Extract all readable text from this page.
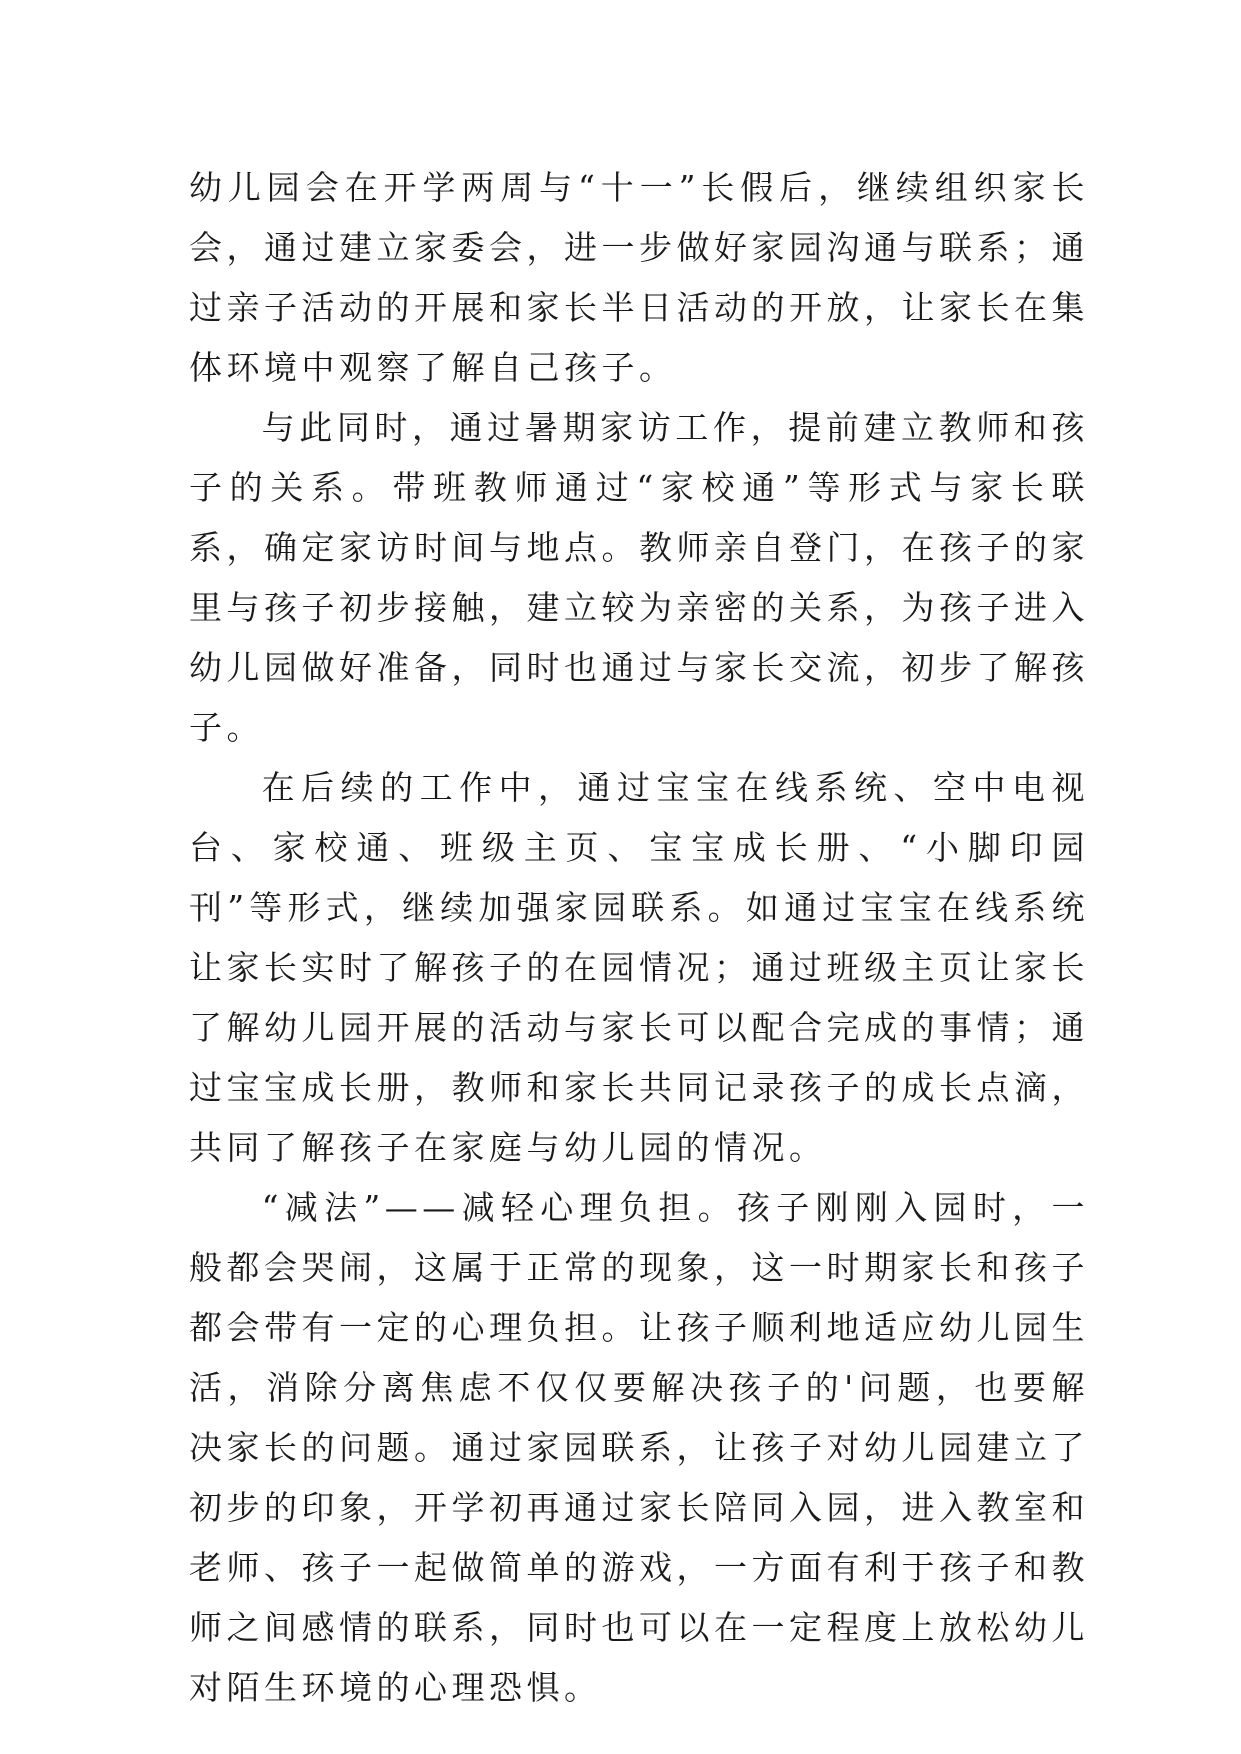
幼儿园会在开学两周与“十一”长假后，继续组织家长会，通过建立家委会，进一步做好家园沟通与联系；通过亲子活动的开展和家长半日活动的开放，让家长在集体环境中观察了解自己孩子。

与此同时，通过暑期家访工作，提前建立教师和孩子的关系。带班教师通过“家校通”等形式与家长联系，确定家访时间与地点。教师亲自登门，在孩子的家里与孩子初步接触，建立较为亲密的关系，为孩子进入幼儿园做好准备，同时也通过与家长交流，初步了解孩子。

在后续的工作中，通过宝宝在线系统、空中电视台、家校通、班级主页、宝宝成长册、“小脚印园刊”等形式，继续加强家园联系。如通过宝宝在线系统让家长实时了解孩子的在园情况；通过班级主页让家长了解幼儿园开展的活动与家长可以配合完成的事情；通过宝宝成长册，教师和家长共同记录孩子的成长点滴，共同了解孩子在家庭与幼儿园的情况。

“减法”——减轻心理负担。孩子刚刚入园时，一般都会哭闹，这属于正常的现象，这一时期家长和孩子都会带有一定的心理负担。让孩子顺利地适应幼儿园生活，消除分离焦虑不仅仅要解决孩子的'问题，也要解决家长的问题。通过家园联系，让孩子对幼儿园建立了初步的印象，开学初再通过家长陪同入园，进入教室和老师、孩子一起做简单的游戏，一方面有利于孩子和教师之间感情的联系，同时也可以在一定程度上放松幼儿对陌生环境的心理恐惧。
